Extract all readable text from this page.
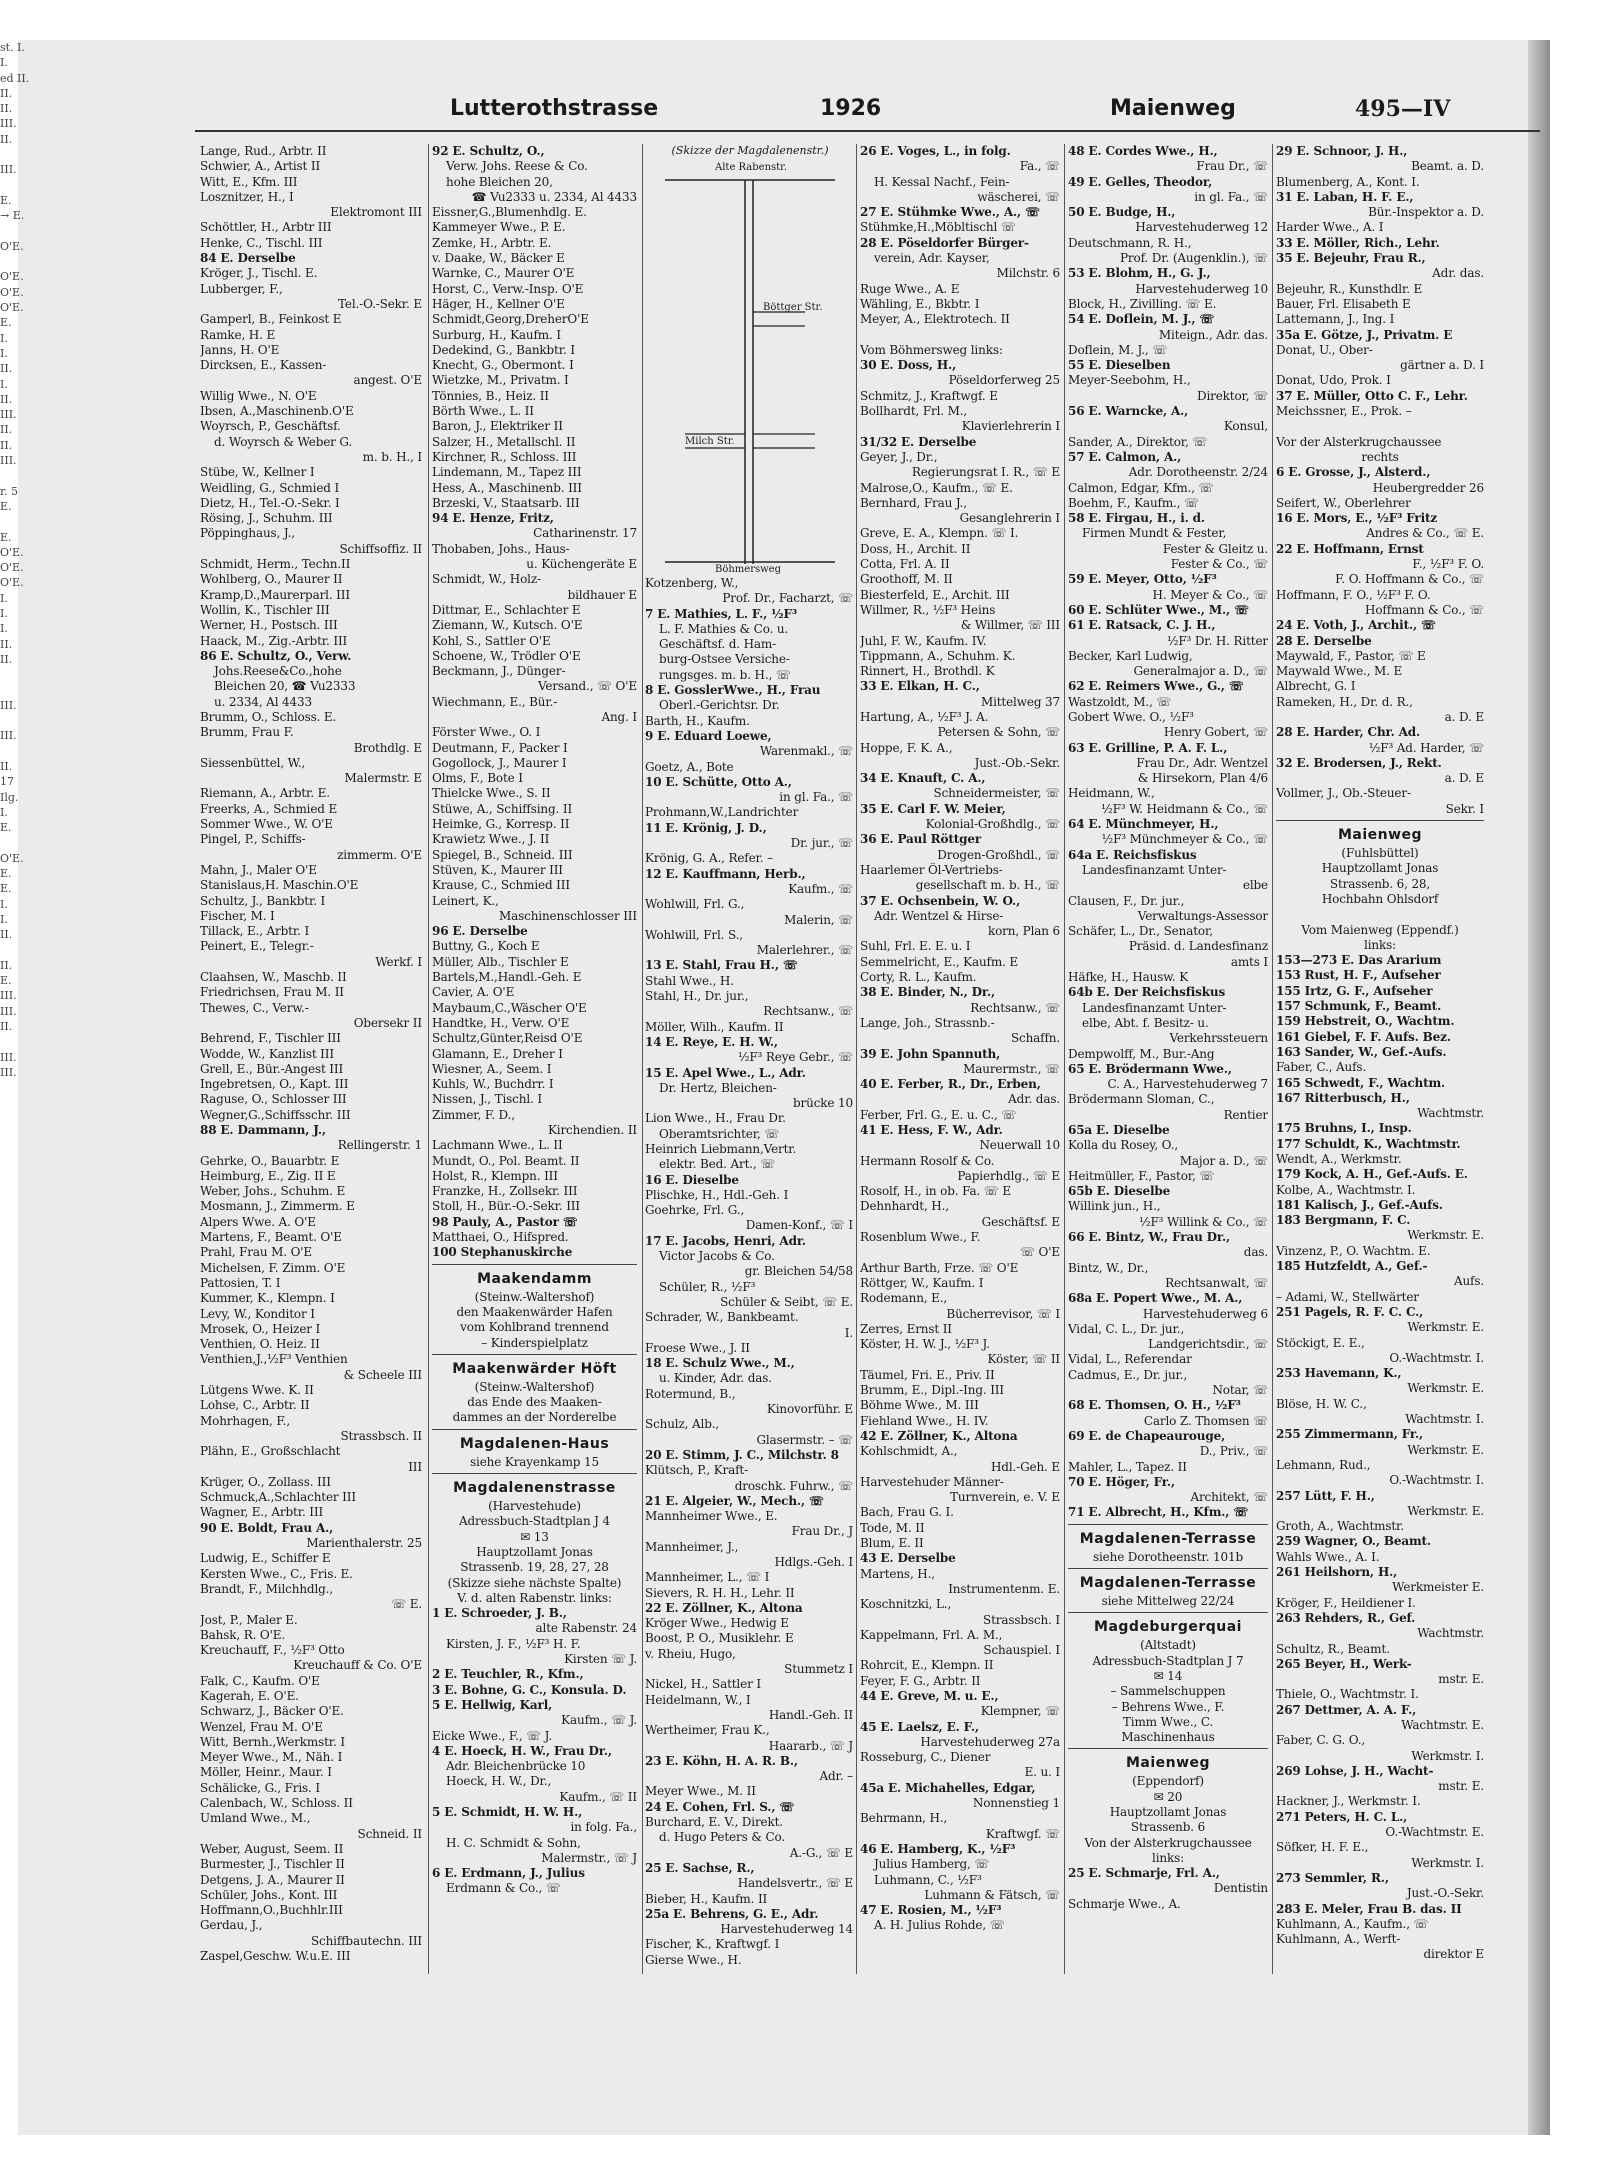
st. I.
I.
ed II.
II.
II.
III.
II.
III.
E.
→ E.
O'E.
O'E.
O'E.
O'E.
E.
I.
I.
II.
I.
II.
III.
II.
II.
III.
r. 5
E.
E.
O'E.
O'E.
O'E.
I.
I.
I.
II.
II.
III.
III.
II.
17
Ilg.
I.
E.
O'E.
E.
E.
I.
I.
II.
II.
E.
III.
III.
II.
III.
III.
Lutterothstrasse	1926	Maienweg	495—IV
Lange, Rud., Arbtr. II
Schwier, A., Artist II
Witt, E., Kfm. III
Losznitzer, H., I
Elektromont III
Schöttler, H., Arbtr III
Henke, C., Tischl. III
84 E. Derselbe
Kröger, J., Tischl. E.
Lubberger, F.,
Tel.-O.-Sekr. E
Gamperl, B., Feinkost E
Ramke, H. E
Janns, H. O'E
Dircksen, E., Kassen-
angest. O'E
Willig Wwe., N. O'E
Ibsen, A.,Maschinenb.O'E
Woyrsch, P., Geschäftsf.
d. Woyrsch & Weber G.
m. b. H., I
Stübe, W., Kellner I
Weidling, G., Schmied I
Dietz, H., Tel.-O.-Sekr. I
Rösing, J., Schuhm. III
Pöppinghaus, J.,
Schiffsoffiz. II
Schmidt, Herm., Techn.II
Wohlberg, O., Maurer II
Kramp,D.,Maurerparl. III
Wollin, K., Tischler III
Werner, H., Postsch. III
Haack, M., Zig.-Arbtr. III
86 E. Schultz, O., Verw.
Johs.Reese&Co.,hohe
Bleichen 20, ☎ Vu2333
u. 2334, Al 4433
Brumm, O., Schloss. E.
Brumm, Frau F.
Brothdlg. E
Siessenbüttel, W.,
Malermstr. E
Riemann, A., Arbtr. E.
Freerks, A., Schmied E
Sommer Wwe., W. O'E
Pingel, P., Schiffs-
zimmerm. O'E
Mahn, J., Maler O'E
Stanislaus,H. Maschin.O'E
Schultz, J., Bankbtr. I
Fischer, M. I
Tillack, E., Arbtr. I
Peinert, E., Telegr.-
Werkf. I
Claahsen, W., Maschb. II
Friedrichsen, Frau M. II
Thewes, C., Verw.-
Obersekr II
Behrend, F., Tischler III
Wodde, W., Kanzlist III
Grell, E., Bür.-Angest III
Ingebretsen, O., Kapt. III
Raguse, O., Schlosser III
Wegner,G.,Schiffsschr. III
88 E. Dammann, J.,
Rellingerstr. 1
Gehrke, O., Bauarbtr. E
Heimburg, E., Zig. II E
Weber, Johs., Schuhm. E
Mosmann, J., Zimmerm. E
Alpers Wwe. A. O'E
Martens, F., Beamt. O'E
Prahl, Frau M. O'E
Michelsen, F. Zimm. O'E
Pattosien, T. I
Kummer, K., Klempn. I
Levy, W., Konditor I
Mrosek, O., Heizer I
Venthien, O. Heiz. II
Venthien,J.,½F³ Venthien
& Scheele III
Lütgens Wwe. K. II
Lohse, C., Arbtr. II
Mohrhagen, F.,
Strassbsch. II
Plähn, E., Großschlacht
III
Krüger, O., Zollass. III
Schmuck,A.,Schlachter III
Wagner, E., Arbtr. III
90 E. Boldt, Frau A.,
Marienthalerstr. 25
Ludwig, E., Schiffer E
Kersten Wwe., C., Fris. E.
Brandt, F., Milchhdlg.,
☏ E.
Jost, P., Maler E.
Bahsk, R. O'E.
Kreuchauff, F., ½F³ Otto
Kreuchauff & Co. O'E
Falk, C., Kaufm. O'E
Kagerah, E. O'E.
Schwarz, J., Bäcker O'E.
Wenzel, Frau M. O'E
Witt, Bernh.,Werkmstr. I
Meyer Wwe., M., Näh. I
Möller, Heinr., Maur. I
Schälicke, G., Fris. I
Calenbach, W., Schloss. II
Umland Wwe., M.,
Schneid. II
Weber, August, Seem. II
Burmester, J., Tischler II
Detgens, J. A., Maurer II
Schüler, Johs., Kont. III
Hoffmann,O.,Buchhlr.III
Gerdau, J.,
Schiffbautechn. III
Zaspel,Geschw. W.u.E. III
92 E. Schultz, O.,
Verw. Johs. Reese & Co.
hohe Bleichen 20,
☎ Vu2333 u. 2334, Al 4433
Eissner,G.,Blumenhdlg. E.
Kammeyer Wwe., P. E.
Zemke, H., Arbtr. E.
v. Daake, W., Bäcker E
Warnke, C., Maurer O'E
Horst, C., Verw.-Insp. O'E
Häger, H., Kellner O'E
Schmidt,Georg,DreherO'E
Surburg, H., Kaufm. I
Dedekind, G., Bankbtr. I
Knecht, G., Obermont. I
Wietzke, M., Privatm. I
Tönnies, B., Heiz. II
Börth Wwe., L. II
Baron, J., Elektriker II
Salzer, H., Metallschl. II
Kirchner, R., Schloss. III
Lindemann, M., Tapez III
Hess, A., Maschinenb. III
Brzeski, V., Staatsarb. III
94 E. Henze, Fritz,
Catharinenstr. 17
Thobaben, Johs., Haus-
u. Küchengeräte E
Schmidt, W., Holz-
bildhauer E
Dittmar, E., Schlachter E
Ziemann, W., Kutsch. O'E
Kohl, S., Sattler O'E
Schoene, W., Trödler O'E
Beckmann, J., Dünger-
Versand., ☏ O'E
Wiechmann, E., Bür.-
Ang. I
Förster Wwe., O. I
Deutmann, F., Packer I
Gogollock, J., Maurer I
Olms, F., Bote I
Thielcke Wwe., S. II
Stüwe, A., Schiffsing. II
Heimke, G., Korresp. II
Krawietz Wwe., J. II
Spiegel, B., Schneid. III
Stüven, K., Maurer III
Krause, C., Schmied III
Leinert, K.,
Maschinenschlosser III
96 E. Derselbe
Buttny, G., Koch E
Müller, Alb., Tischler E
Bartels,M.,Handl.-Geh. E
Cavier, A. O'E
Maybaum,C.,Wäscher O'E
Handtke, H., Verw. O'E
Schultz,Günter,Reisd O'E
Glamann, E., Dreher I
Wiesner, A., Seem. I
Kuhls, W., Buchdrr. I
Nissen, J., Tischl. I
Zimmer, F. D.,
Kirchendien. II
Lachmann Wwe., L. II
Mundt, O., Pol. Beamt. II
Holst, R., Klempn. III
Franzke, H., Zollsekr. III
Stoll, H., Bür.-O.-Sekr. III
98 Pauly, A., Pastor ☏
Matthaei, O., Hifspred.
100 Stephanuskirche
Maakendamm
(Steinw.-Waltershof)
den Maakenwärder Hafen
vom Kohlbrand trennend
– Kinderspielplatz
Maakenwärder Höft
(Steinw.-Waltershof)
das Ende des Maaken-
dammes an der Norderelbe
Magdalenen-Haus
siehe Krayenkamp 15
Magdalenenstrasse
(Harvestehude)
Adressbuch-Stadtplan J 4
✉ 13
Hauptzollamt Jonas
Strassenb. 19, 28, 27, 28
(Skizze siehe nächste Spalte)
V. d. alten Rabenstr. links:
1 E. Schroeder, J. B.,
alte Rabenstr. 24
Kirsten, J. F., ½F³ H. F.
Kirsten ☏ J.
2 E. Teuchler, R., Kfm.,
3 E. Bohne, G. C., Konsula. D.
5 E. Hellwig, Karl,
Kaufm., ☏ J.
Eicke Wwe., F., ☏ J.
4 E. Hoeck, H. W., Frau Dr.,
Adr. Bleichenbrücke 10
Hoeck, H. W., Dr.,
Kaufm., ☏ II
5 E. Schmidt, H. W. H.,
in folg. Fa.,
H. C. Schmidt & Sohn,
Malermstr., ☏ J
6 E. Erdmann, J., Julius
Erdmann & Co., ☏
(Skizze der Magdalenenstr.)
Alte Rabenstr.
Böttger Str.
Milch Str.
Böhmersweg
Kotzenberg, W.,
Prof. Dr., Facharzt, ☏
7 E. Mathies, L. F., ½F³
L. F. Mathies & Co. u.
Geschäftsf. d. Ham-
burg-Ostsee Versiche-
rungsges. m. b. H., ☏
8 E. GosslerWwe., H., Frau
Oberl.-Gerichtsr. Dr.
Barth, H., Kaufm.
9 E. Eduard Loewe,
Warenmakl., ☏
Goetz, A., Bote
10 E. Schütte, Otto A.,
in gl. Fa., ☏
Prohmann,W.,Landrichter
11 E. Krönig, J. D.,
Dr. jur., ☏
Krönig, G. A., Refer. –
12 E. Kauffmann, Herb.,
Kaufm., ☏
Wohlwill, Frl. G.,
Malerin, ☏
Wohlwill, Frl. S.,
Malerlehrer., ☏
13 E. Stahl, Frau H., ☏
Stahl Wwe., H.
Stahl, H., Dr. jur.,
Rechtsanw., ☏
Möller, Wilh., Kaufm. II
14 E. Reye, E. H. W.,
½F³ Reye Gebr., ☏
15 E. Apel Wwe., L., Adr.
Dr. Hertz, Bleichen-
brücke 10
Lion Wwe., H., Frau Dr.
Oberamtsrichter, ☏
Heinrich Liebmann,Vertr.
elektr. Bed. Art., ☏
16 E. Dieselbe
Plischke, H., Hdl.-Geh. I
Goehrke, Frl. G.,
Damen-Konf., ☏ I
17 E. Jacobs, Henri, Adr.
Victor Jacobs & Co.
gr. Bleichen 54/58
Schüler, R., ½F³
Schüler & Seibt, ☏ E.
Schrader, W., Bankbeamt.
I.
Froese Wwe., J. II
18 E. Schulz Wwe., M.,
u. Kinder, Adr. das.
Rotermund, B.,
Kinovorführ. E
Schulz, Alb.,
Glasermstr. – ☏
20 E. Stimm, J. C., Milchstr. 8
Klütsch, P., Kraft-
droschk. Fuhrw., ☏
21 E. Algeier, W., Mech., ☏
Mannheimer Wwe., E.
Frau Dr., J
Mannheimer, J.,
Hdlgs.-Geh. I
Mannheimer, L., ☏ I
Sievers, R. H. H., Lehr. II
22 E. Zöllner, K., Altona
Kröger Wwe., Hedwig E
Boost, P. O., Musiklehr. E
v. Rheiu, Hugo,
Stummetz I
Nickel, H., Sattler I
Heidelmann, W., I
Handl.-Geh. II
Wertheimer, Frau K.,
Haararb., ☏ J
23 E. Köhn, H. A. R. B.,
Adr. –
Meyer Wwe., M. II
24 E. Cohen, Frl. S., ☏
Burchard, E. V., Direkt.
d. Hugo Peters & Co.
A.-G., ☏ E
25 E. Sachse, R.,
Handelsvertr., ☏ E
Bieber, H., Kaufm. II
25a E. Behrens, G. E., Adr.
Harvestehuderweg 14
Fischer, K., Kraftwgf. I
Gierse Wwe., H.
26 E. Voges, L., in folg.
Fa., ☏
H. Kessal Nachf., Fein-
wäscherei, ☏
27 E. Stühmke Wwe., A., ☏
Stühmke,H.,Möbltischl ☏
28 E. Pöseldorfer Bürger-
verein, Adr. Kayser,
Milchstr. 6
Ruge Wwe., A. E
Wähling, E., Bkbtr. I
Meyer, A., Elektrotech. II
Vom Böhmersweg links:
30 E. Doss, H.,
Pöseldorferweg 25
Schmitz, J., Kraftwgf. E
Bollhardt, Frl. M.,
Klavierlehrerin I
31/32 E. Derselbe
Geyer, J., Dr.,
Regierungsrat I. R., ☏ E
Malrose,O., Kaufm., ☏ E.
Bernhard, Frau J.,
Gesanglehrerin I
Greve, E. A., Klempn. ☏ I.
Doss, H., Archit. II
Cotta, Frl. A. II
Groothoff, M. II
Biesterfeld, E., Archit. III
Willmer, R., ½F³ Heins
& Willmer, ☏ III
Juhl, F. W., Kaufm. IV.
Tippmann, A., Schuhm. K.
Rinnert, H., Brothdl. K
33 E. Elkan, H. C.,
Mittelweg 37
Hartung, A., ½F³ J. A.
Petersen & Sohn, ☏
Hoppe, F. K. A.,
Just.-Ob.-Sekr.
34 E. Knauft, C. A.,
Schneidermeister, ☏
35 E. Carl F. W. Meier,
Kolonial-Großhdlg., ☏
36 E. Paul Röttger
Drogen-Großhdl., ☏
Haarlemer Öl-Vertriebs-
gesellschaft m. b. H., ☏
37 E. Ochsenbein, W. O.,
Adr. Wentzel & Hirse-
korn, Plan 6
Suhl, Frl. E. E. u. I
Semmelricht, E., Kaufm. E
Corty, R. L., Kaufm.
38 E. Binder, N., Dr.,
Rechtsanw., ☏
Lange, Joh., Strassnb.-
Schaffn.
39 E. John Spannuth,
Maurermstr., ☏
40 E. Ferber, R., Dr., Erben,
Adr. das.
Ferber, Frl. G., E. u. C., ☏
41 E. Hess, F. W., Adr.
Neuerwall 10
Hermann Rosolf & Co.
Papierhdlg., ☏ E
Rosolf, H., in ob. Fa. ☏ E
Dehnhardt, H.,
Geschäftsf. E
Rosenblum Wwe., F.
☏ O'E
Arthur Barth, Frze. ☏ O'E
Röttger, W., Kaufm. I
Rodemann, E.,
Bücherrevisor, ☏ I
Zerres, Ernst II
Köster, H. W. J., ½F³ J.
Köster, ☏ II
Täumel, Fri. E., Priv. II
Brumm, E., Dipl.-Ing. III
Böhme Wwe., M. III
Fiehland Wwe., H. IV.
42 E. Zöllner, K., Altona
Kohlschmidt, A.,
Hdl.-Geh. E
Harvestehuder Männer-
Turnverein, e. V. E
Bach, Frau G. I.
Tode, M. II
Blum, E. II
43 E. Derselbe
Martens, H.,
Instrumentenm. E.
Koschnitzki, L.,
Strassbsch. I
Kappelmann, Frl. A. M.,
Schauspiel. I
Rohrcit, E., Klempn. II
Feyer, F. G., Arbtr. II
44 E. Greve, M. u. E.,
Klempner, ☏
45 E. Laelsz, E. F.,
Harvestehuderweg 27a
Rosseburg, C., Diener
E. u. I
45a E. Michahelles, Edgar,
Nonnenstieg 1
Behrmann, H.,
Kraftwgf. ☏
46 E. Hamberg, K., ½F³
Julius Hamberg, ☏
Luhmann, C., ½F³
Luhmann & Fätsch, ☏
47 E. Rosien, M., ½F³
A. H. Julius Rohde, ☏
48 E. Cordes Wwe., H.,
Frau Dr., ☏
49 E. Gelles, Theodor,
in gl. Fa., ☏
50 E. Budge, H.,
Harvestehuderweg 12
Deutschmann, R. H.,
Prof. Dr. (Augenklin.), ☏
53 E. Blohm, H., G. J.,
Harvestehuderweg 10
Block, H., Zivilling. ☏ E.
54 E. Doflein, M. J., ☏
Miteign., Adr. das.
Doflein, M. J., ☏
55 E. Dieselben
Meyer-Seebohm, H.,
Direktor, ☏
56 E. Warncke, A.,
Konsul,
Sander, A., Direktor, ☏
57 E. Calmon, A.,
Adr. Dorotheenstr. 2/24
Calmon, Edgar, Kfm., ☏
Boehm, F., Kaufm., ☏
58 E. Firgau, H., i. d.
Firmen Mundt & Fester,
Fester & Gleitz u.
Fester & Co., ☏
59 E. Meyer, Otto, ½F³
H. Meyer & Co., ☏
60 E. Schlüter Wwe., M., ☏
61 E. Ratsack, C. J. H.,
½F³ Dr. H. Ritter
Becker, Karl Ludwig,
Generalmajor a. D., ☏
62 E. Reimers Wwe., G., ☏
Wastzoldt, M., ☏
Gobert Wwe. O., ½F³
Henry Gobert, ☏
63 E. Grilline, P. A. F. L.,
Frau Dr., Adr. Wentzel
& Hirsekorn, Plan 4/6
Heidmann, W.,
½F³ W. Heidmann & Co., ☏
64 E. Münchmeyer, H.,
½F³ Münchmeyer & Co., ☏
64a E. Reichsfiskus
Landesfinanzamt Unter-
elbe
Clausen, F., Dr. jur.,
Verwaltungs-Assessor
Schäfer, L., Dr., Senator,
Präsid. d. Landesfinanz
amts I
Häfke, H., Hausw. K
64b E. Der Reichsfiskus
Landesfinanzamt Unter-
elbe, Abt. f. Besitz- u.
Verkehrssteuern
Dempwolff, M., Bur.-Ang
65 E. Brödermann Wwe.,
C. A., Harvestehuderweg 7
Brödermann Sloman, C.,
Rentier
65a E. Dieselbe
Kolla du Rosey, O.,
Major a. D., ☏
Heitmüller, F., Pastor, ☏
65b E. Dieselbe
Willink jun., H.,
½F³ Willink & Co., ☏
66 E. Bintz, W., Frau Dr.,
das.
Bintz, W., Dr.,
Rechtsanwalt, ☏
68a E. Popert Wwe., M. A.,
Harvestehuderweg 6
Vidal, C. L., Dr. jur.,
Landgerichtsdir., ☏
Vidal, L., Referendar
Cadmus, E., Dr. jur.,
Notar, ☏
68 E. Thomsen, O. H., ½F³
Carlo Z. Thomsen ☏
69 E. de Chapeaurouge,
D., Priv., ☏
Mahler, L., Tapez. II
70 E. Höger, Fr.,
Architekt, ☏
71 E. Albrecht, H., Kfm., ☏
Magdalenen-Terrasse
siehe Dorotheenstr. 101b
Magdalenen-Terrasse
siehe Mittelweg 22/24
Magdeburgerquai
(Altstadt)
Adressbuch-Stadtplan J 7
✉ 14
– Sammelschuppen
– Behrens Wwe., F.
Timm Wwe., C.
Maschinenhaus
Maienweg
(Eppendorf)
✉ 20
Hauptzollamt Jonas
Strassenb. 6
Von der Alsterkrugchaussee
links:
25 E. Schmarje, Frl. A.,
Dentistin
Schmarje Wwe., A.
29 E. Schnoor, J. H.,
Beamt. a. D.
Blumenberg, A., Kont. I.
31 E. Laban, H. F. E.,
Bür.-Inspektor a. D.
Harder Wwe., A. I
33 E. Möller, Rich., Lehr.
35 E. Bejeuhr, Frau R.,
Adr. das.
Bejeuhr, R., Kunsthdlr. E
Bauer, Frl. Elisabeth E
Lattemann, J., Ing. I
35a E. Götze, J., Privatm. E
Donat, U., Ober-
gärtner a. D. I
Donat, Udo, Prok. I
37 E. Müller, Otto C. F., Lehr.
Meichssner, E., Prok. –
Vor der Alsterkrugchaussee
rechts
6 E. Grosse, J., Alsterd.,
Heubergredder 26
Seifert, W., Oberlehrer
16 E. Mors, E., ½F³ Fritz
Andres & Co., ☏ E.
22 E. Hoffmann, Ernst
F., ½F³ F. O.
F. O. Hoffmann & Co., ☏
Hoffmann, F. O., ½F³ F. O.
Hoffmann & Co., ☏
24 E. Voth, J., Archit., ☏
28 E. Derselbe
Maywald, F., Pastor, ☏ E
Maywald Wwe., M. E
Albrecht, G. I
Rameken, H., Dr. d. R.,
a. D. E
28 E. Harder, Chr. Ad.
½F³ Ad. Harder, ☏
32 E. Brodersen, J., Rekt.
a. D. E
Vollmer, J., Ob.-Steuer-
Sekr. I
Maienweg
(Fuhlsbüttel)
Hauptzollamt Jonas
Strassenb. 6, 28,
Hochbahn Ohlsdorf
Vom Maienweg (Eppendf.)
links:
153—273 E. Das Ararium
153 Rust, H. F., Aufseher
155 Irtz, G. F., Aufseher
157 Schmunk, F., Beamt.
159 Hebstreit, O., Wachtm.
161 Giebel, F. F. Aufs. Bez.
163 Sander, W., Gef.-Aufs.
Faber, C., Aufs.
165 Schwedt, F., Wachtm.
167 Ritterbusch, H.,
Wachtmstr.
175 Bruhns, I., Insp.
177 Schuldt, K., Wachtmstr.
Wendt, A., Werkmstr.
179 Kock, A. H., Gef.-Aufs. E.
Kolbe, A., Wachtmstr. I.
181 Kalisch, J., Gef.-Aufs.
183 Bergmann, F. C.
Werkmstr. E.
Vinzenz, P., O. Wachtm. E.
185 Hutzfeldt, A., Gef.-
Aufs.
– Adami, W., Stellwärter
251 Pagels, R. F. C. C.,
Werkmstr. E.
Stöckigt, E. E.,
O.-Wachtmstr. I.
253 Havemann, K.,
Werkmstr. E.
Blöse, H. W. C.,
Wachtmstr. I.
255 Zimmermann, Fr.,
Werkmstr. E.
Lehmann, Rud.,
O.-Wachtmstr. I.
257 Lütt, F. H.,
Werkmstr. E.
Groth, A., Wachtmstr.
259 Wagner, O., Beamt.
Wahls Wwe., A. I.
261 Heilshorn, H.,
Werkmeister E.
Kröger, F., Heildiener I.
263 Rehders, R., Gef.
Wachtmstr.
Schultz, R., Beamt.
265 Beyer, H., Werk-
mstr. E.
Thiele, O., Wachtmstr. I.
267 Dettmer, A. A. F.,
Wachtmstr. E.
Faber, C. G. O.,
Werkmstr. I.
269 Lohse, J. H., Wacht-
mstr. E.
Hackner, J., Werkmstr. I.
271 Peters, H. C. L.,
O.-Wachtmstr. E.
Söfker, H. F. E.,
Werkmstr. I.
273 Semmler, R.,
Just.-O.-Sekr.
283 E. Meler, Frau B. das. II
Kuhlmann, A., Kaufm., ☏
Kuhlmann, A., Werft-
direktor E
